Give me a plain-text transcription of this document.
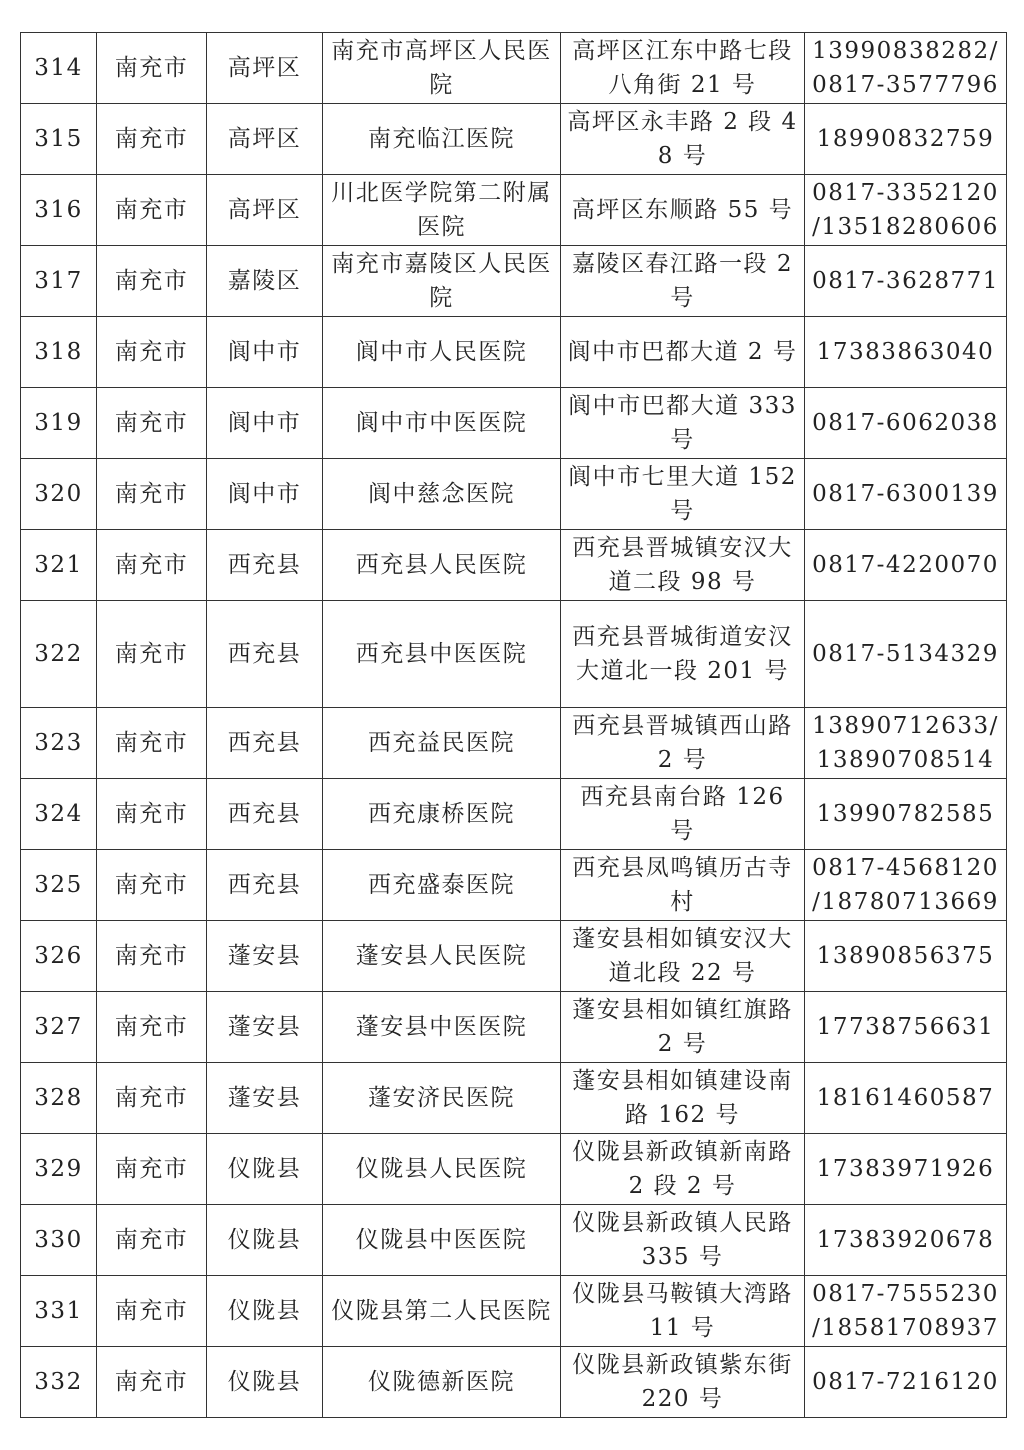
314	南充市	高坪区	南充市高坪区人民医院	高坪区江东中路七段八角街 21 号	13990838282/ 0817-3577796
315	南充市	高坪区	南充临江医院	高坪区永丰路 2 段 48 号	18990832759
316	南充市	高坪区	川北医学院第二附属医院	高坪区东顺路 55 号	0817-3352120 /13518280606
317	南充市	嘉陵区	南充市嘉陵区人民医院	嘉陵区春江路一段 2 号	0817-3628771
318	南充市	阆中市	阆中市人民医院	阆中市巴都大道 2 号	17383863040
319	南充市	阆中市	阆中市中医医院	阆中市巴都大道 333 号	0817-6062038
320	南充市	阆中市	阆中慈念医院	阆中市七里大道 152 号	0817-6300139
321	南充市	西充县	西充县人民医院	西充县晋城镇安汉大道二段 98 号	0817-4220070
322	南充市	西充县	西充县中医医院	西充县晋城街道安汉大道北一段 201 号	0817-5134329
323	南充市	西充县	西充益民医院	西充县晋城镇西山路 2 号	13890712633/ 13890708514
324	南充市	西充县	西充康桥医院	西充县南台路 126 号	13990782585
325	南充市	西充县	西充盛泰医院	西充县凤鸣镇历古寺村	0817-4568120 /18780713669
326	南充市	蓬安县	蓬安县人民医院	蓬安县相如镇安汉大道北段 22 号	13890856375
327	南充市	蓬安县	蓬安县中医医院	蓬安县相如镇红旗路 2 号	17738756631
328	南充市	蓬安县	蓬安济民医院	蓬安县相如镇建设南路 162 号	18161460587
329	南充市	仪陇县	仪陇县人民医院	仪陇县新政镇新南路 2 段 2 号	17383971926
330	南充市	仪陇县	仪陇县中医医院	仪陇县新政镇人民路 335 号	17383920678
331	南充市	仪陇县	仪陇县第二人民医院	仪陇县马鞍镇大湾路 11 号	0817-7555230 /18581708937
332	南充市	仪陇县	仪陇德新医院	仪陇县新政镇紫东街 220 号	0817-7216120
